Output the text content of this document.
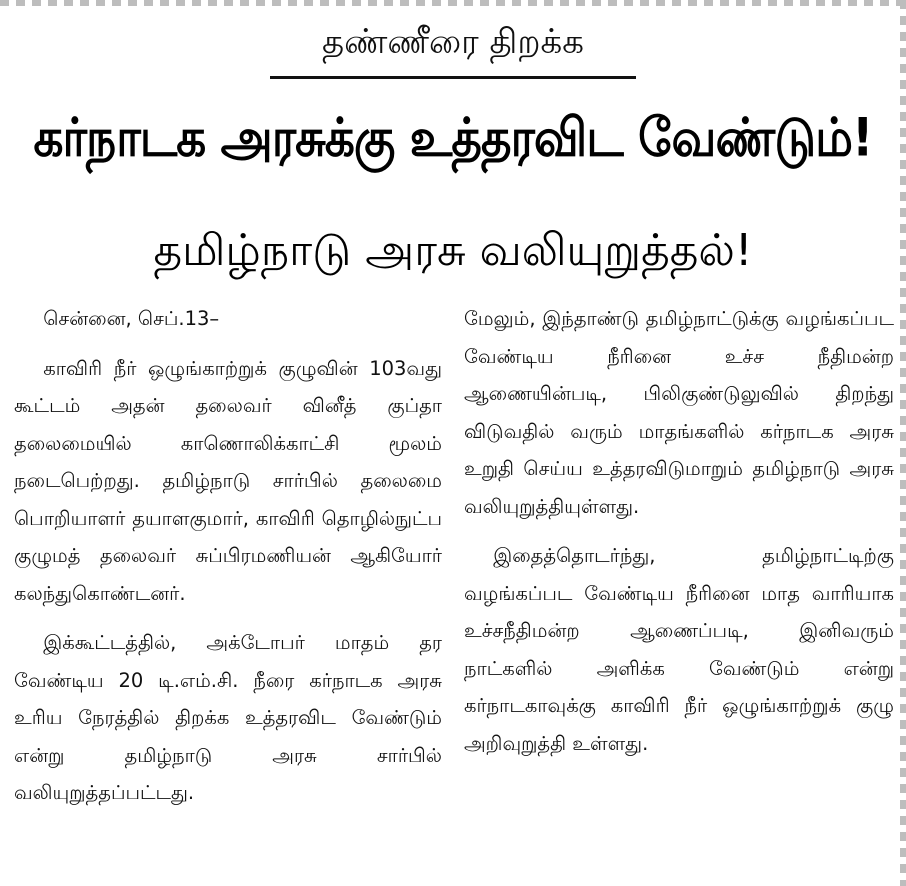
தண்ணீரை திறக்க
கர்நாடக அரசுக்கு உத்தரவிட வேண்டும்!
தமிழ்நாடு அரசு வலியுறுத்தல்!

சென்னை, செப்.13–

காவிரி நீர் ஒழுங்காற்றுக் குழுவின் 103வது கூட்டம் அதன் தலைவர் வினீத் குப்தா தலைமையில் காணொலிக்காட்சி மூலம் நடைபெற்றது. தமிழ்நாடு சார்பில் தலைமை பொறியாளர் தயாளகுமார், காவிரி தொழில்நுட்ப குழுமத் தலைவர் சுப்பிரமணியன் ஆகியோர் கலந்துகொண்டனர்.

இக்கூட்டத்தில், அக்டோபர் மாதம் தர வேண்டிய 20 டி.எம்.சி. நீரை கர்நாடக அரசு உரிய நேரத்தில் திறக்க உத்தரவிட வேண்டும் என்று தமிழ்நாடு அரசு சார்பில் வலியுறுத்தப்பட்டது.

மேலும், இந்தாண்டு தமிழ்நாட்டுக்கு வழங்கப்பட வேண்டிய நீரினை உச்ச நீதிமன்ற ஆணையின்படி, பிலிகுண்டுலுவில் திறந்து விடுவதில் வரும் மாதங்களில் கர்நாடக அரசு உறுதி செய்ய உத்தரவிடுமாறும் தமிழ்நாடு அரசு வலியுறுத்தியுள்ளது.

இதைத்தொடர்ந்து, தமிழ்நாட்டிற்கு வழங்கப்பட வேண்டிய நீரினை மாத வாரியாக உச்சநீதிமன்ற ஆணைப்படி, இனிவரும் நாட்களில் அளிக்க வேண்டும் என்று கர்நாடகாவுக்கு காவிரி நீர் ஒழுங்காற்றுக் குழு அறிவுறுத்தி உள்ளது.
